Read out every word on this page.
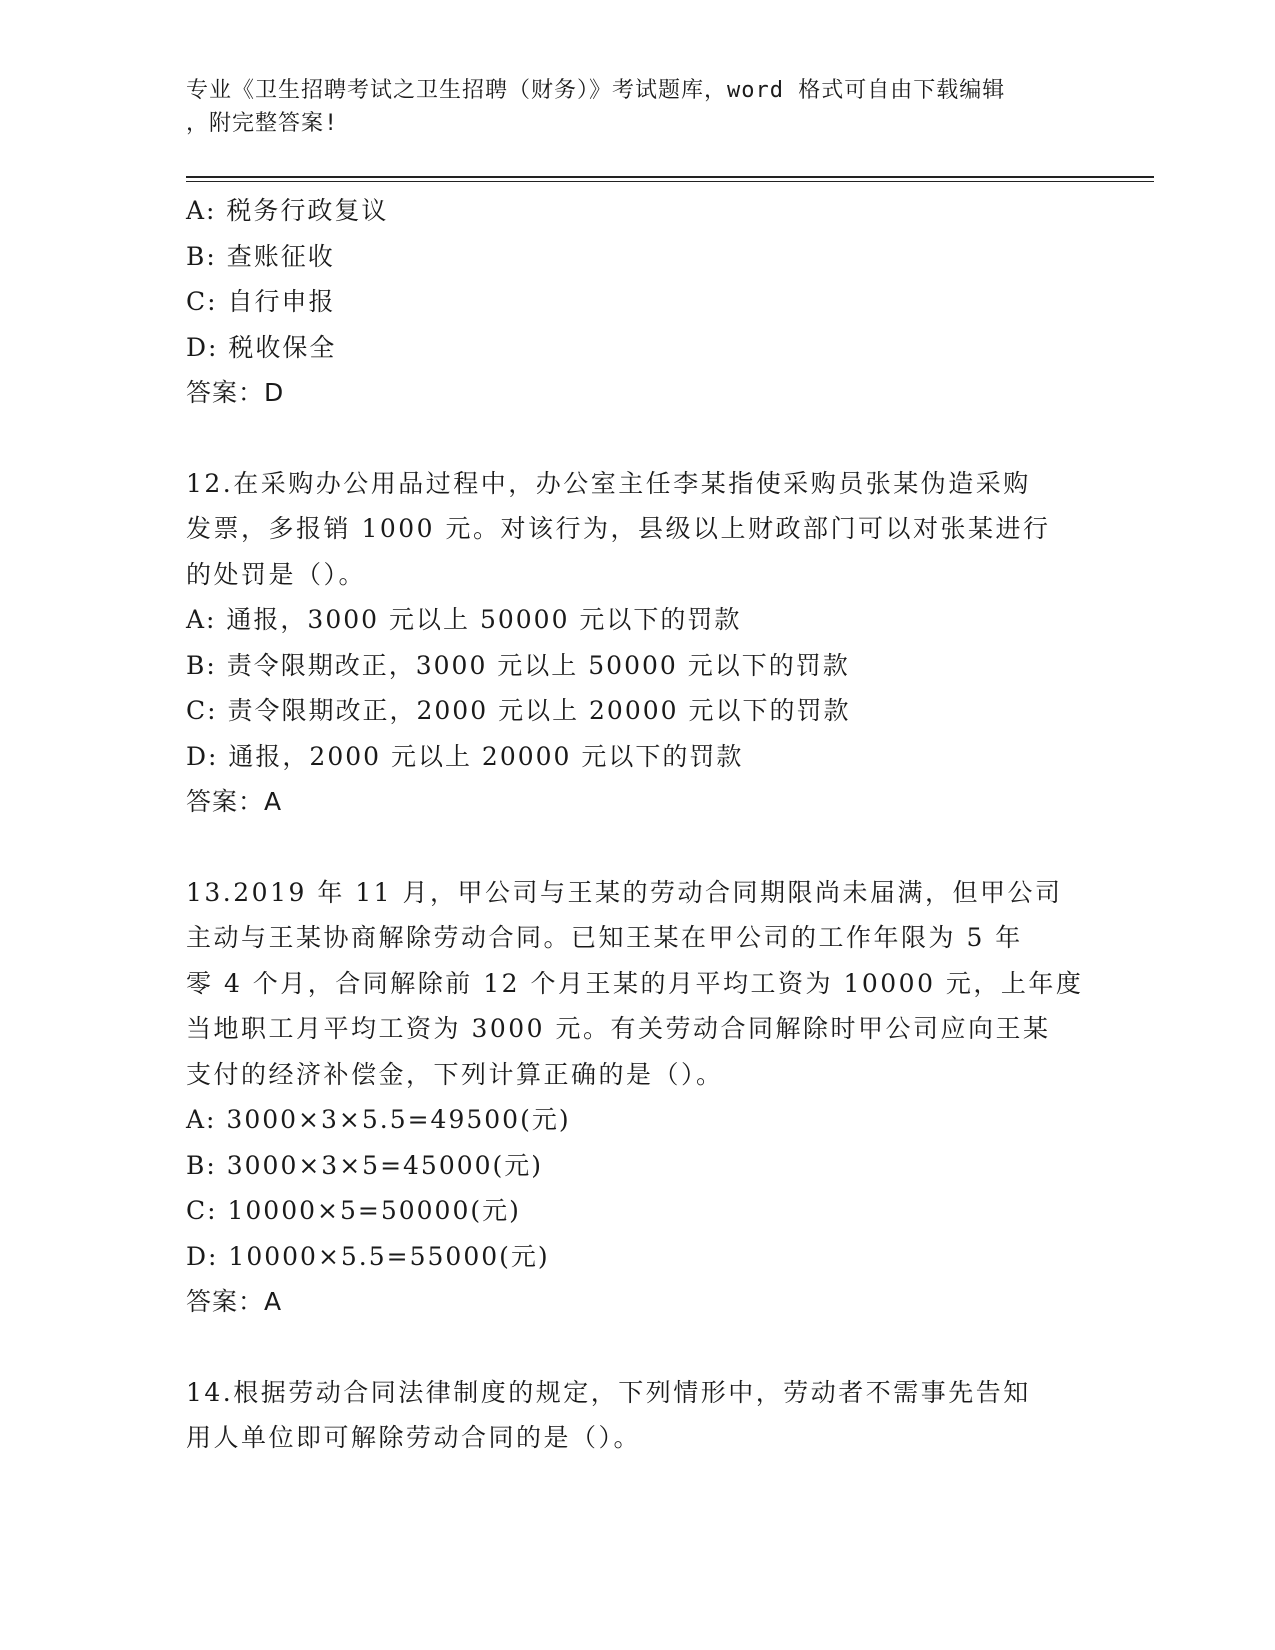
专业《卫生招聘考试之卫生招聘（财务）》考试题库，word 格式可自由下载编辑
，附完整答案!
A: 税务行政复议
B: 查账征收
C: 自行申报
D: 税收保全
答案：D
12.在采购办公用品过程中，办公室主任李某指使采购员张某伪造采购
发票，多报销 1000 元。对该行为，县级以上财政部门可以对张某进行
的处罚是（）。
A: 通报，3000 元以上 50000 元以下的罚款
B: 责令限期改正，3000 元以上 50000 元以下的罚款
C: 责令限期改正，2000 元以上 20000 元以下的罚款
D: 通报，2000 元以上 20000 元以下的罚款
答案：A
13.2019 年 11 月，甲公司与王某的劳动合同期限尚未届满，但甲公司
主动与王某协商解除劳动合同。已知王某在甲公司的工作年限为 5 年
零 4 个月，合同解除前 12 个月王某的月平均工资为 10000 元，上年度
当地职工月平均工资为 3000 元。有关劳动合同解除时甲公司应向王某
支付的经济补偿金，下列计算正确的是（）。
A: 3000×3×5.5=49500(元)
B: 3000×3×5=45000(元)
C: 10000×5=50000(元)
D: 10000×5.5=55000(元)
答案：A
14.根据劳动合同法律制度的规定，下列情形中，劳动者不需事先告知
用人单位即可解除劳动合同的是（）。
